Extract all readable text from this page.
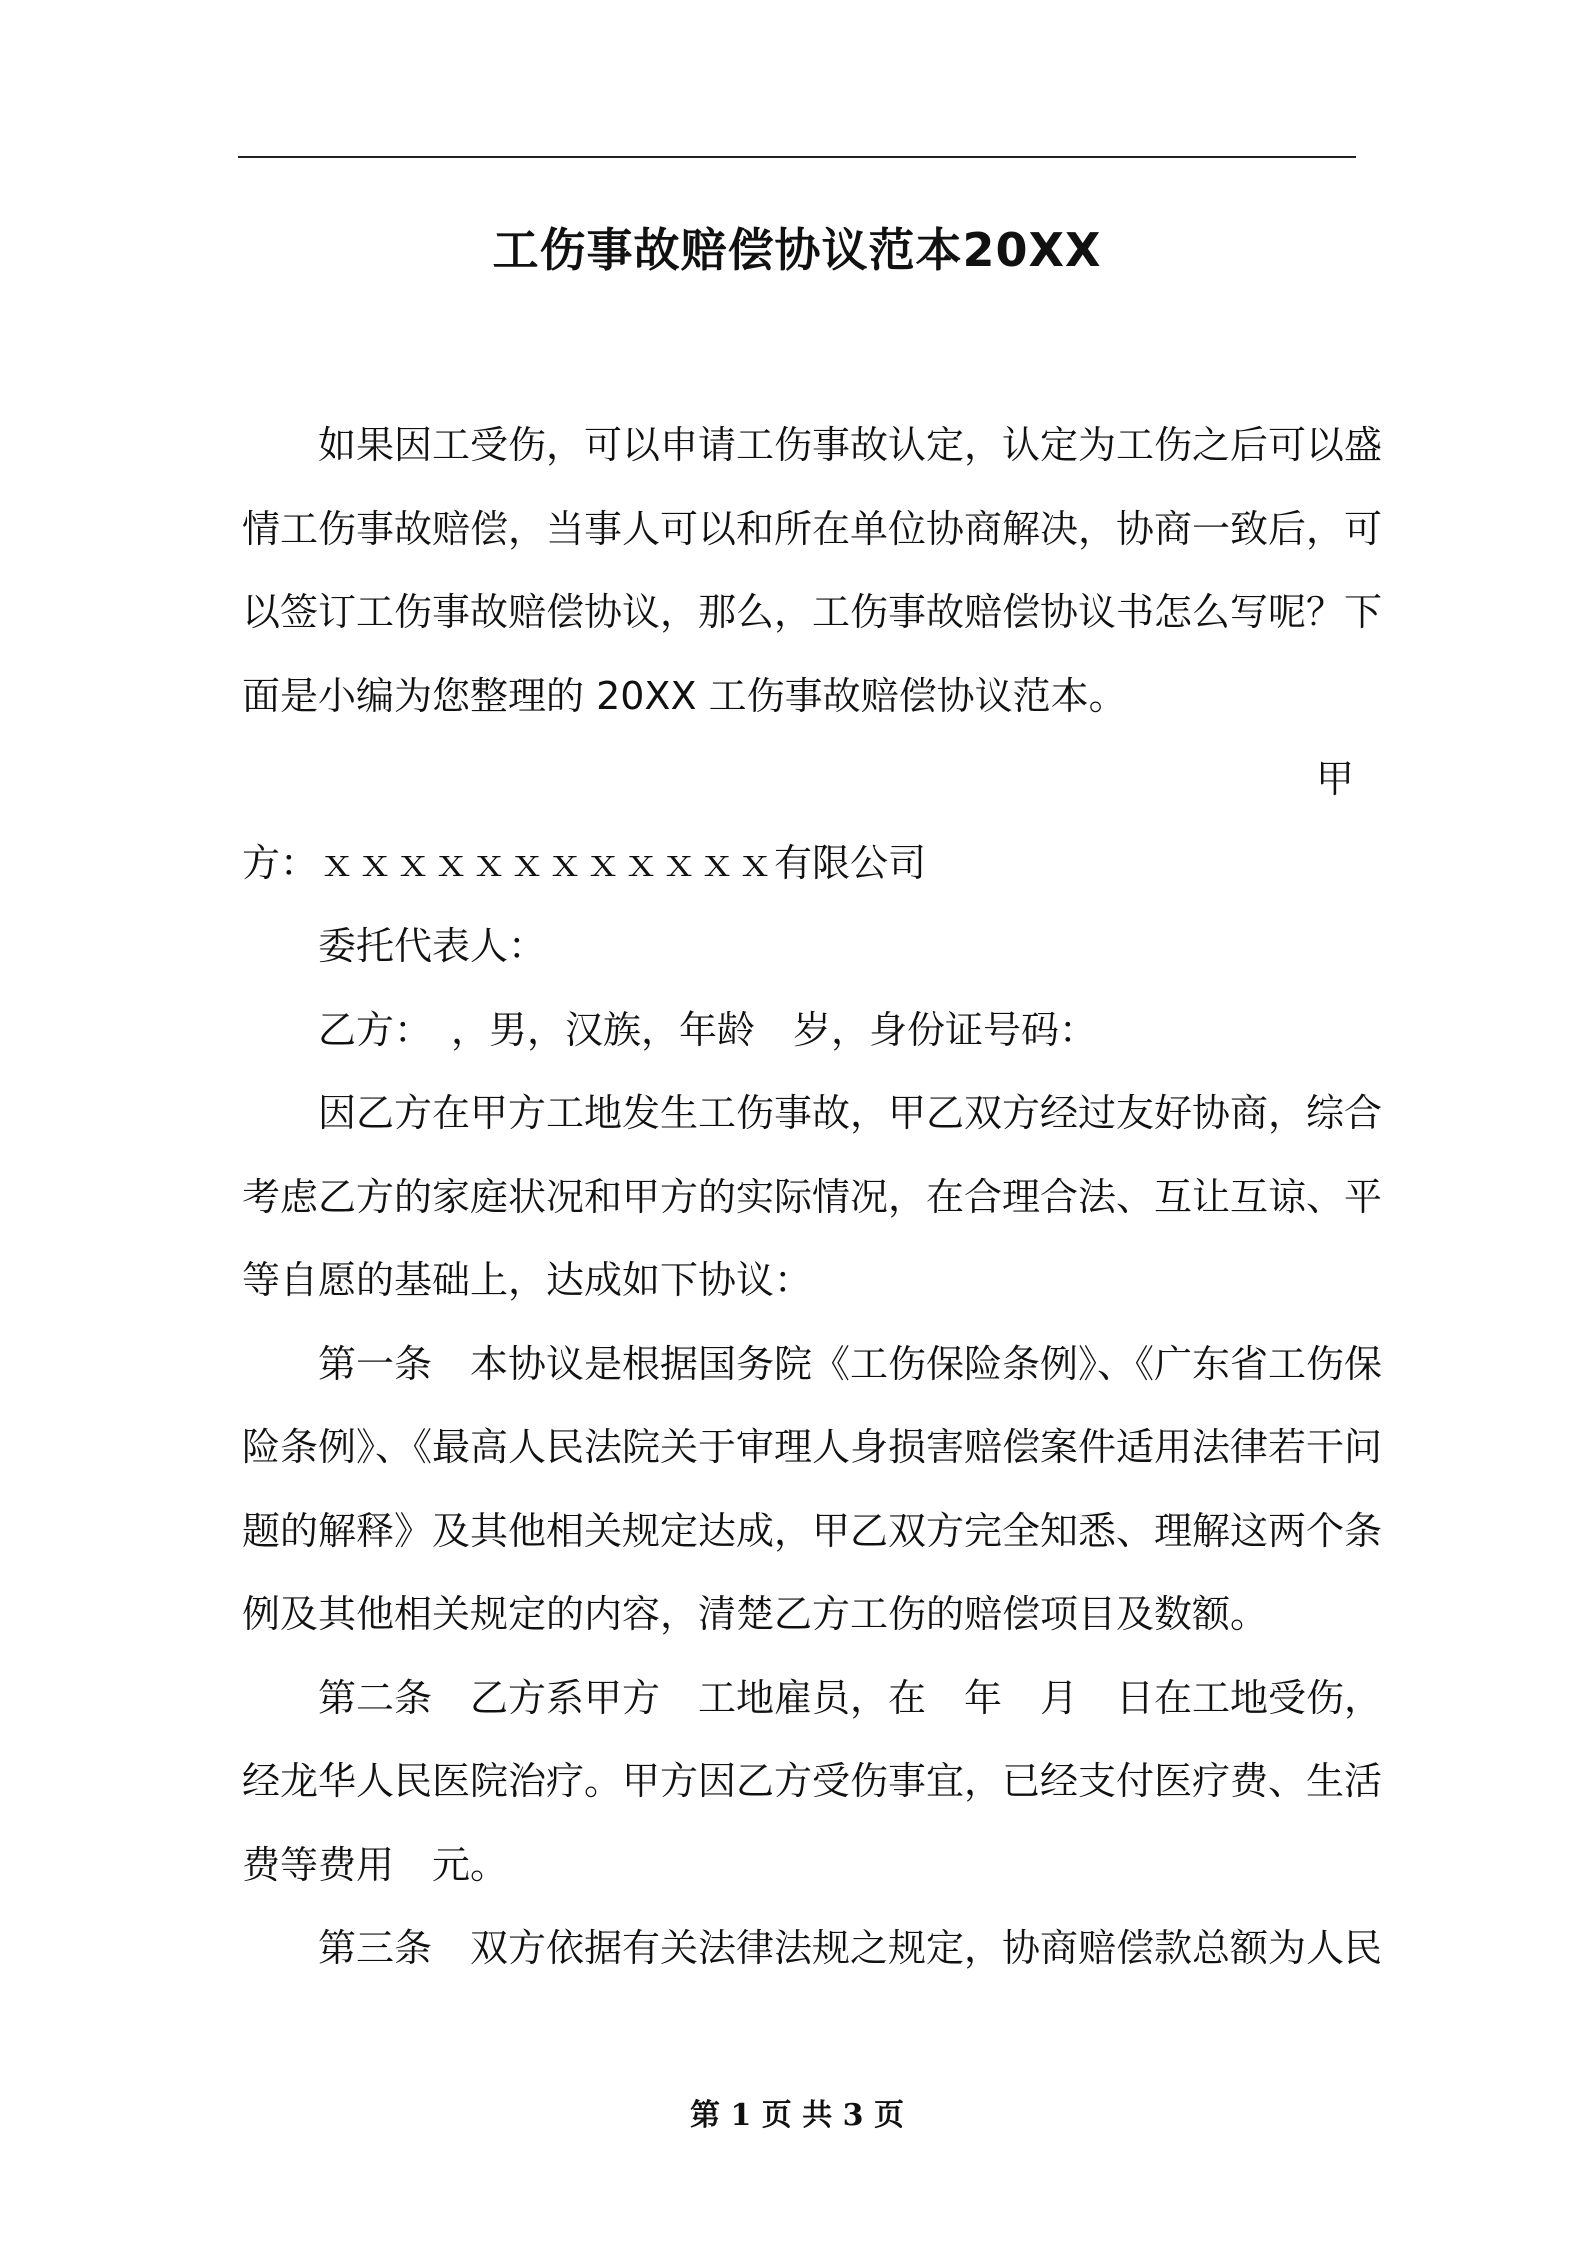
工伤事故赔偿协议范本20XX

如果因工受伤，可以申请工伤事故认定，认定为工伤之后可以盛
情工伤事故赔偿，当事人可以和所在单位协商解决，协商一致后，可
以签订工伤事故赔偿协议，那么，工伤事故赔偿协议书怎么写呢？下
面是小编为您整理的 20XX 工伤事故赔偿协议范本。

甲
方：ｘｘｘｘｘｘｘｘｘｘｘｘ有限公司

委托代表人：

乙方：　，男，汉族，年龄　岁，身份证号码：

因乙方在甲方工地发生工伤事故，甲乙双方经过友好协商，综合
考虑乙方的家庭状况和甲方的实际情况，在合理合法、互让互谅、平
等自愿的基础上，达成如下协议：

第一条　本协议是根据国务院《工伤保险条例》、《广东省工伤保
险条例》、《最高人民法院关于审理人身损害赔偿案件适用法律若干问
题的解释》及其他相关规定达成，甲乙双方完全知悉、理解这两个条
例及其他相关规定的内容，清楚乙方工伤的赔偿项目及数额。

第二条　乙方系甲方　工地雇员，在　年　月　日在工地受伤，
经龙华人民医院治疗。甲方因乙方受伤事宜，已经支付医疗费、生活
费等费用　元。

第三条　双方依据有关法律法规之规定，协商赔偿款总额为人民

第 1 页 共 3 页
